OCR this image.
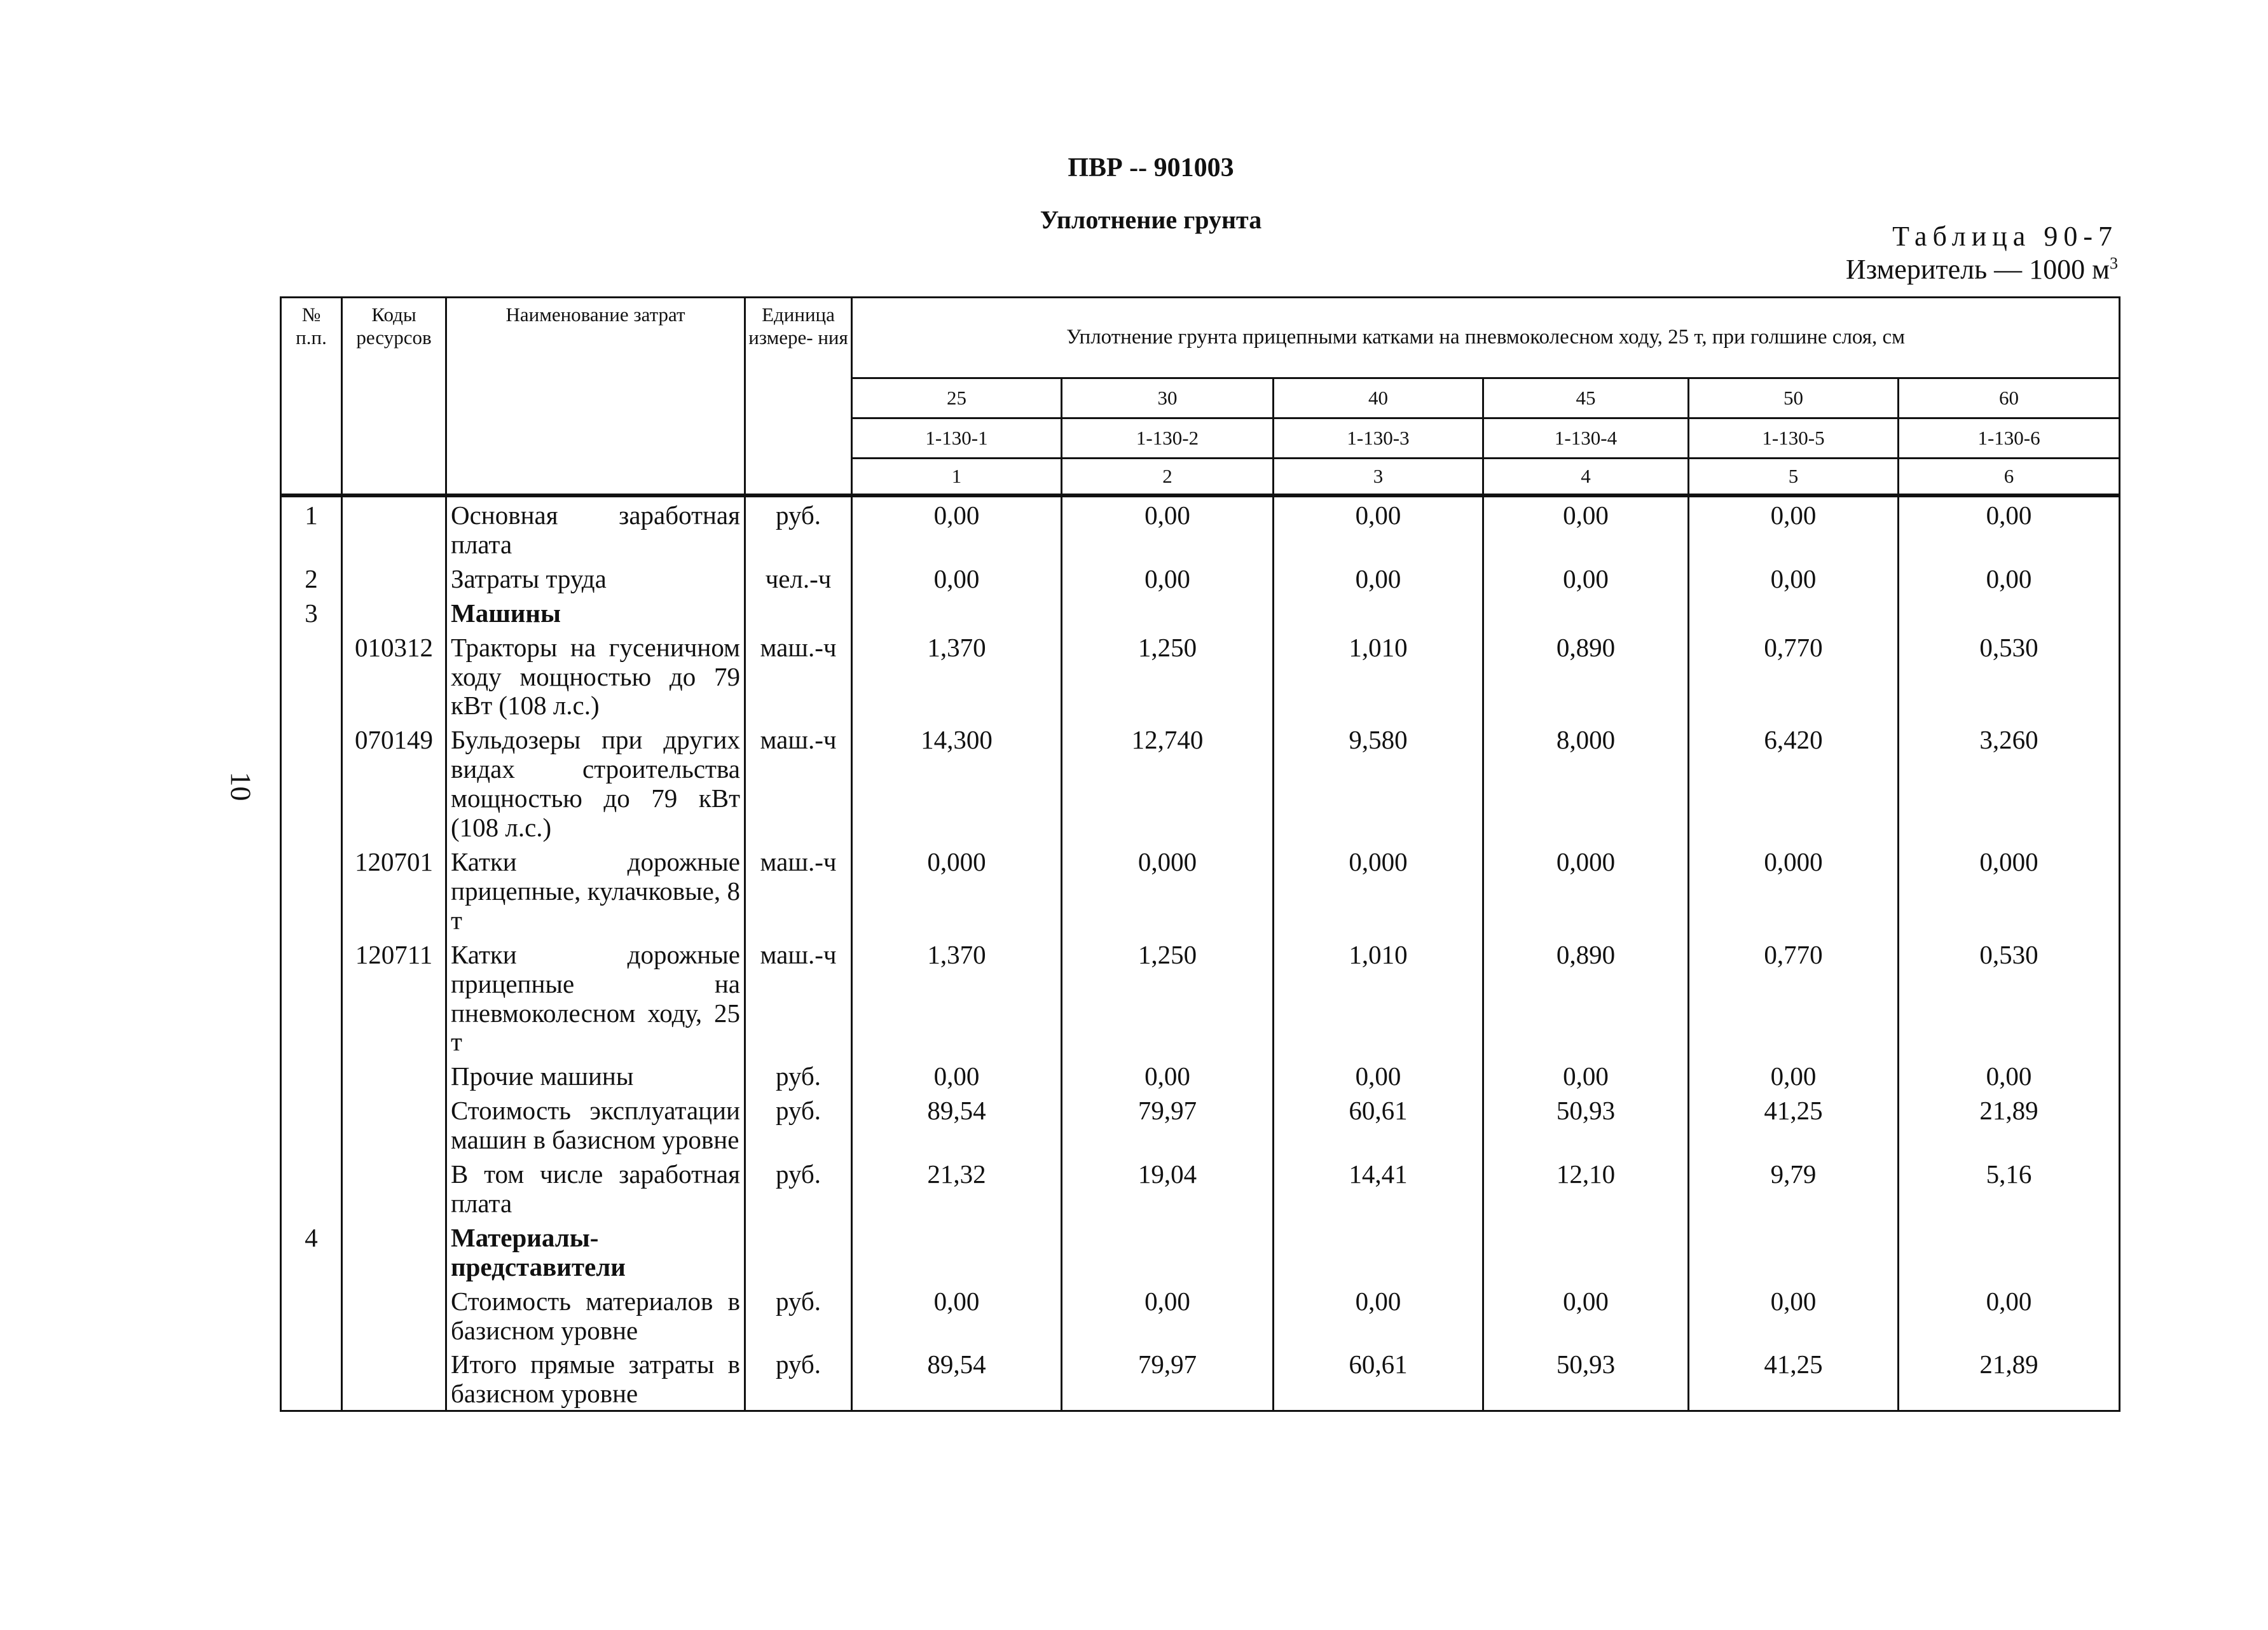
ПВР -- 901003
Уплотнение грунта
Таблица 90-7
Измеритель — 1000 $м^3$
10
№ п.п.	Коды ресурсов	Наименование затрат	Единица измере- ния	Уплотнение грунта прицепными катками на пневмоколесном ходу, 25 т, при голшине слоя, см					
				25	30	40	45	50	60
				1-130-1	1-130-2	1-130-3	1-130-4	1-130-5	1-130-6
				1	2	3	4	5	6
1		Основная заработная плата	руб.	0,00	0,00	0,00	0,00	0,00	0,00
2		Затраты труда	чел.-ч	0,00	0,00	0,00	0,00	0,00	0,00
3		Машины							
	010312	Тракторы на гусеничном ходу мощностью до 79 кВт (108 л.с.)	маш.-ч	1,370	1,250	1,010	0,890	0,770	0,530
	070149	Бульдозеры при других видах строительства мощностью до 79 кВт (108 л.с.)	маш.-ч	14,300	12,740	9,580	8,000	6,420	3,260
	120701	Катки дорожные прицепные, кулачковые, 8 т	маш.-ч	0,000	0,000	0,000	0,000	0,000	0,000
	120711	Катки дорожные прицепные на пневмоколесном ходу, 25 т	маш.-ч	1,370	1,250	1,010	0,890	0,770	0,530
		Прочие машины	руб.	0,00	0,00	0,00	0,00	0,00	0,00
		Стоимость эксплуатации машин в базисном уровне	руб.	89,54	79,97	60,61	50,93	41,25	21,89
		В том числе заработная плата	руб.	21,32	19,04	14,41	12,10	9,79	5,16
4		Материалы-представители							
		Стоимость материалов в базисном уровне	руб.	0,00	0,00	0,00	0,00	0,00	0,00
		Итого прямые затраты в базисном уровне	руб.	89,54	79,97	60,61	50,93	41,25	21,89
